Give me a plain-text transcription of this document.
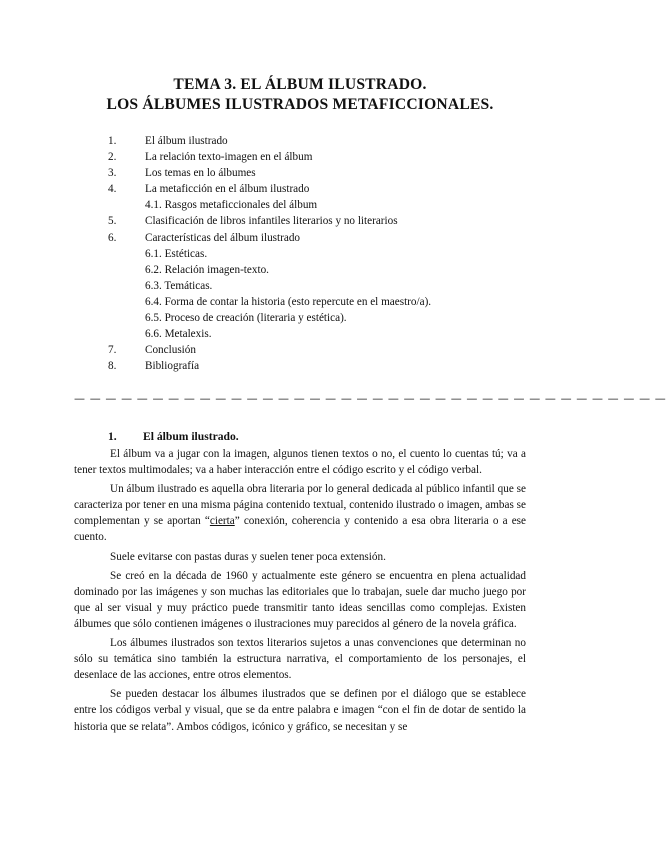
TEMA 3. EL ÁLBUM ILUSTRADO.
LOS ÁLBUMES ILUSTRADOS METAFICCIONALES.
1.	El álbum ilustrado
2.	La relación texto-imagen en el álbum
3.	Los temas en lo álbumes
4.	La metaficción en el álbum ilustrado
4.1. Rasgos metaficcionales del álbum
5.	Clasificación de libros infantiles literarios y no literarios
6.	Características del álbum ilustrado
6.1. Estéticas.
6.2. Relación imagen-texto.
6.3. Temáticas.
6.4. Forma de contar la historia (esto repercute en el maestro/a).
6.5. Proceso de creación (literaria y estética).
6.6. Metalexis.
7.	Conclusión
8.	Bibliografía
— — — — — — — — — — — — — — — — — — — — — — — — — — — — — — — — — — — — — —
1. El álbum ilustrado.

El álbum va a jugar con la imagen, algunos tienen textos o no, el cuento lo cuentas tú; va a tener textos multimodales; va a haber interacción entre el código escrito y el código verbal.

Un álbum ilustrado es aquella obra literaria por lo general dedicada al público infantil que se caracteriza por tener en una misma página contenido textual, contenido ilustrado o imagen, ambas se complementan y se aportan “cierta” conexión, coherencia y contenido a esa obra literaria o a ese cuento.

Suele evitarse con pastas duras y suelen tener poca extensión.

Se creó en la década de 1960 y actualmente este género se encuentra en plena actualidad dominado por las imágenes y son muchas las editoriales que lo trabajan, suele dar mucho juego por que al ser visual y muy práctico puede transmitir tanto ideas sencillas como complejas. Existen álbumes que sólo contienen imágenes o ilustraciones muy parecidos al género de la novela gráfica.

Los álbumes ilustrados son textos literarios sujetos a unas convenciones que determinan no sólo su temática sino también la estructura narrativa, el comportamiento de los personajes, el desenlace de las acciones, entre otros elementos.

Se pueden destacar los álbumes ilustrados que se definen por el diálogo que se establece entre los códigos verbal y visual, que se da entre palabra e imagen “con el fin de dotar de sentido la historia que se relata”. Ambos códigos, icónico y gráfico, se necesitan y se
